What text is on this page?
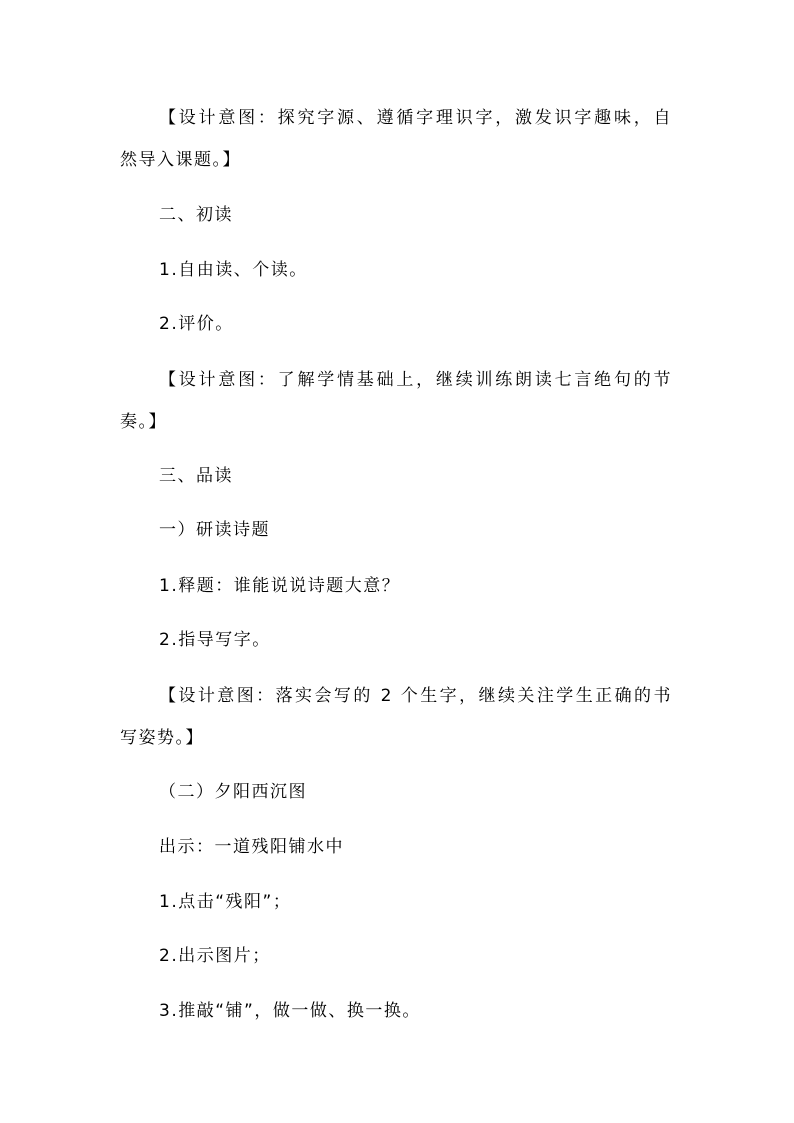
【设计意图：探究字源、遵循字理识字，激发识字趣味，自
然导入课题。】
二、初读
1.自由读、个读。
2.评价。
【设计意图：了解学情基础上，继续训练朗读七言绝句的节
奏。】
三、品读
一）研读诗题
1.释题：谁能说说诗题大意？
2.指导写字。
【设计意图：落实会写的 2 个生字，继续关注学生正确的书
写姿势。】
（二）夕阳西沉图
出示：一道残阳铺水中
1.点击“残阳”；
2.出示图片；
3.推敲“铺”，做一做、换一换。
